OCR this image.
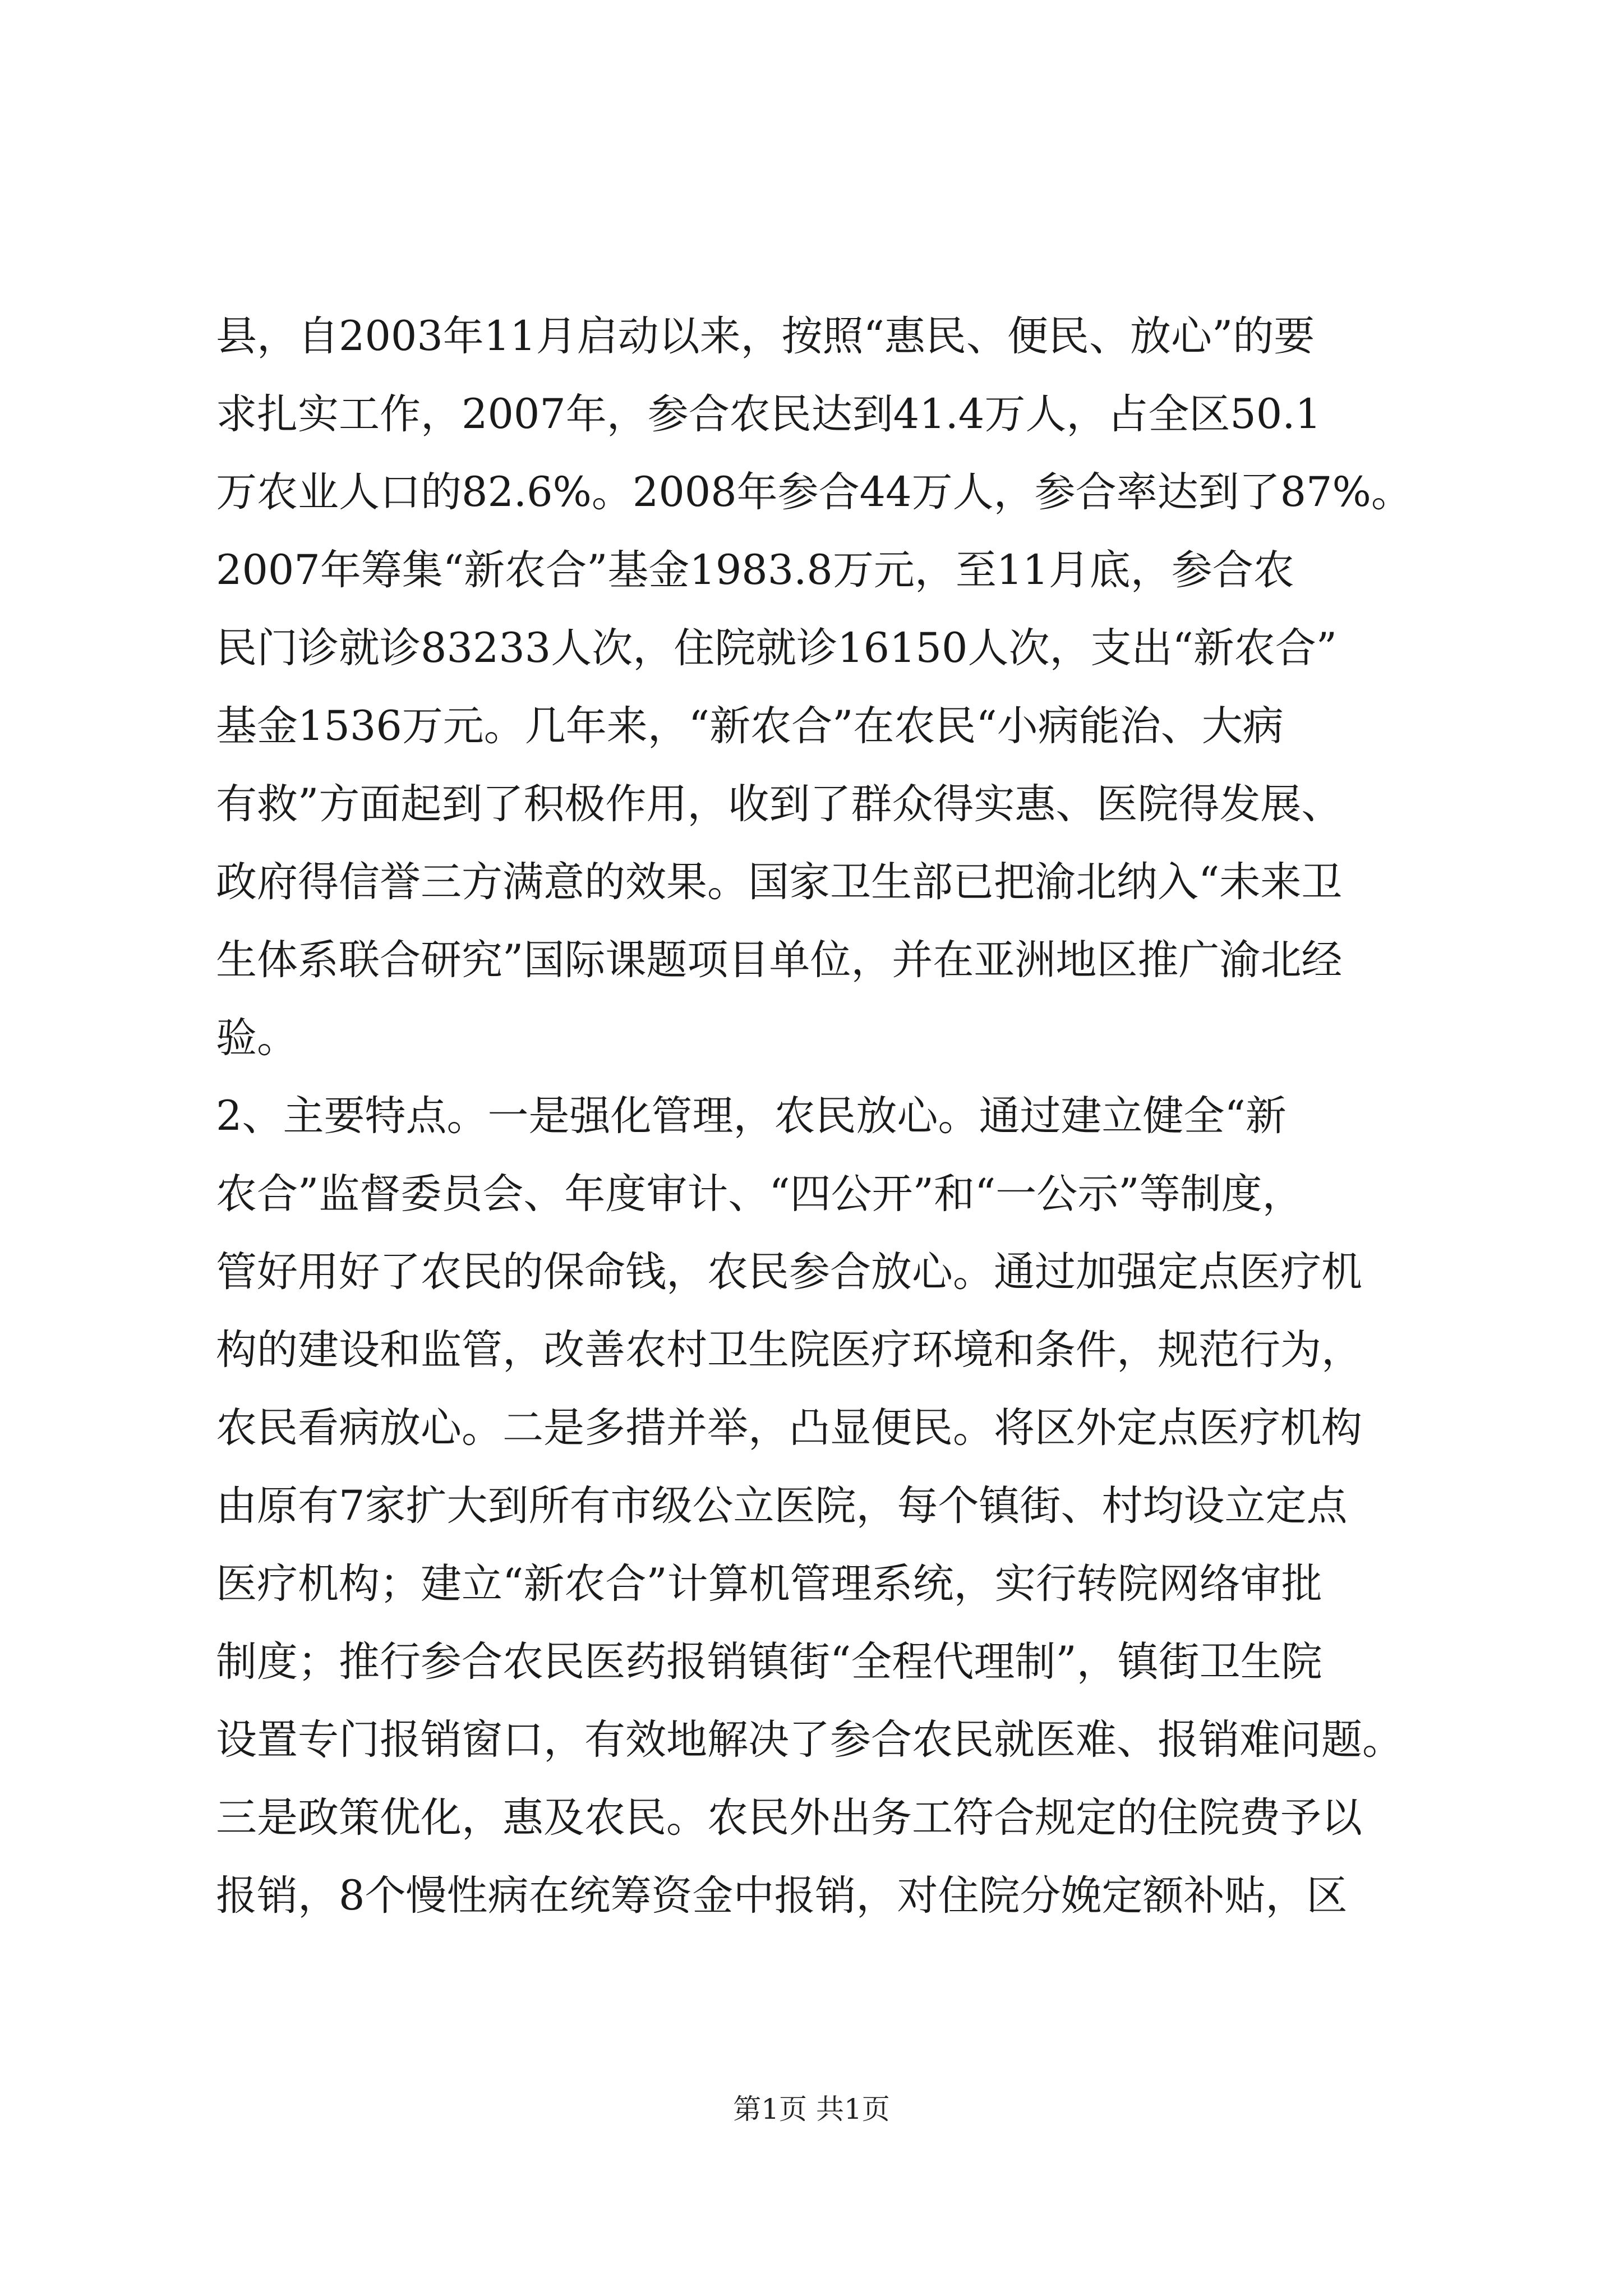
县，自2003年11月启动以来，按照“惠民、便民、放心”的要
求扎实工作，2007年，参合农民达到41.4万人，占全区50.1
万农业人口的82.6%。2008年参合44万人，参合率达到了87%。
2007年筹集“新农合”基金1983.8万元，至11月底，参合农
民门诊就诊83233人次，住院就诊16150人次，支出“新农合”
基金1536万元。几年来，“新农合”在农民“小病能治、大病
有救”方面起到了积极作用，收到了群众得实惠、医院得发展、
政府得信誉三方满意的效果。国家卫生部已把渝北纳入“未来卫
生体系联合研究”国际课题项目单位，并在亚洲地区推广渝北经
验。
2、主要特点。一是强化管理，农民放心。通过建立健全“新
农合”监督委员会、年度审计、“四公开”和“一公示”等制度，
管好用好了农民的保命钱，农民参合放心。通过加强定点医疗机
构的建设和监管，改善农村卫生院医疗环境和条件，规范行为，
农民看病放心。二是多措并举，凸显便民。将区外定点医疗机构
由原有7家扩大到所有市级公立医院，每个镇街、村均设立定点
医疗机构；建立“新农合”计算机管理系统，实行转院网络审批
制度；推行参合农民医药报销镇街“全程代理制”，镇街卫生院
设置专门报销窗口，有效地解决了参合农民就医难、报销难问题。
三是政策优化，惠及农民。农民外出务工符合规定的住院费予以
报销，8个慢性病在统筹资金中报销，对住院分娩定额补贴，区
第1页 共1页
